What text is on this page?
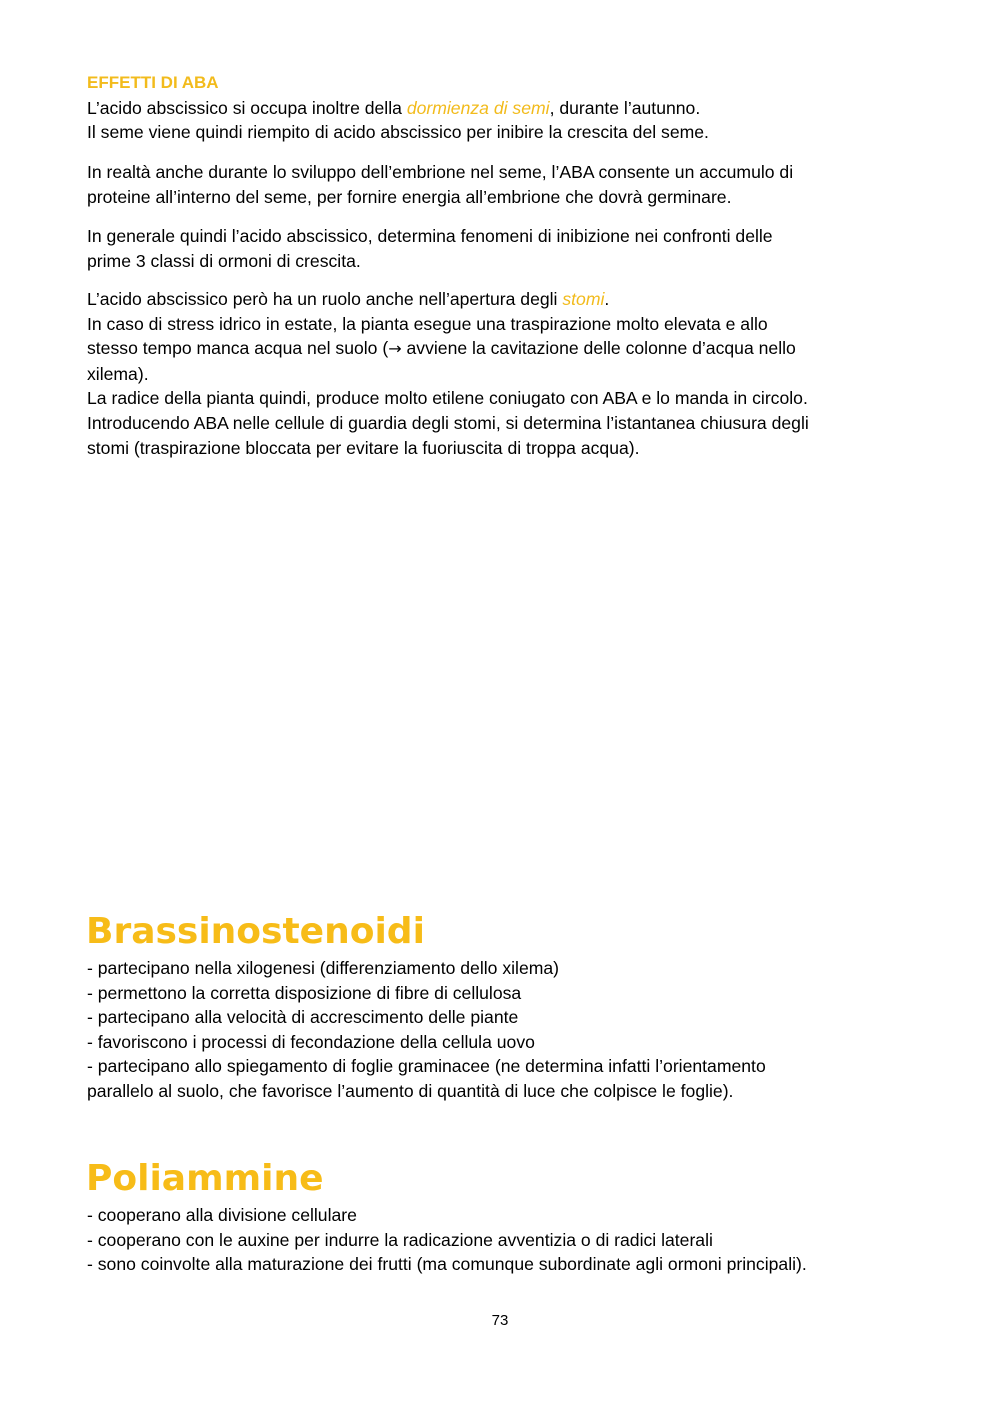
EFFETTI DI ABA
L’acido abscissico si occupa inoltre della dormienza di semi, durante l’autunno.
Il seme viene quindi riempito di acido abscissico per inibire la crescita del seme.
In realtà anche durante lo sviluppo dell’embrione nel seme, l’ABA consente un accumulo di
proteine all’interno del seme, per fornire energia all’embrione che dovrà germinare.
In generale quindi l’acido abscissico, determina fenomeni di inibizione nei confronti delle
prime 3 classi di ormoni di crescita.
L’acido abscissico però ha un ruolo anche nell’apertura degli stomi.
In caso di stress idrico in estate, la pianta esegue una traspirazione molto elevata e allo
stesso tempo manca acqua nel suolo (→ avviene la cavitazione delle colonne d’acqua nello
xilema).
La radice della pianta quindi, produce molto etilene coniugato con ABA e lo manda in circolo.
Introducendo ABA nelle cellule di guardia degli stomi, si determina l’istantanea chiusura degli
stomi (traspirazione bloccata per evitare la fuoriuscita di troppa acqua).
Brassinostenoidi
- partecipano nella xilogenesi (differenziamento dello xilema)
- permettono la corretta disposizione di fibre di cellulosa
- partecipano alla velocità di accrescimento delle piante
- favoriscono i processi di fecondazione della cellula uovo
- partecipano allo spiegamento di foglie graminacee (ne determina infatti l’orientamento
parallelo al suolo, che favorisce l’aumento di quantità di luce che colpisce le foglie).
Poliammine
- cooperano alla divisione cellulare
- cooperano con le auxine per indurre la radicazione avventizia o di radici laterali
- sono coinvolte alla maturazione dei frutti (ma comunque subordinate agli ormoni principali).
73
